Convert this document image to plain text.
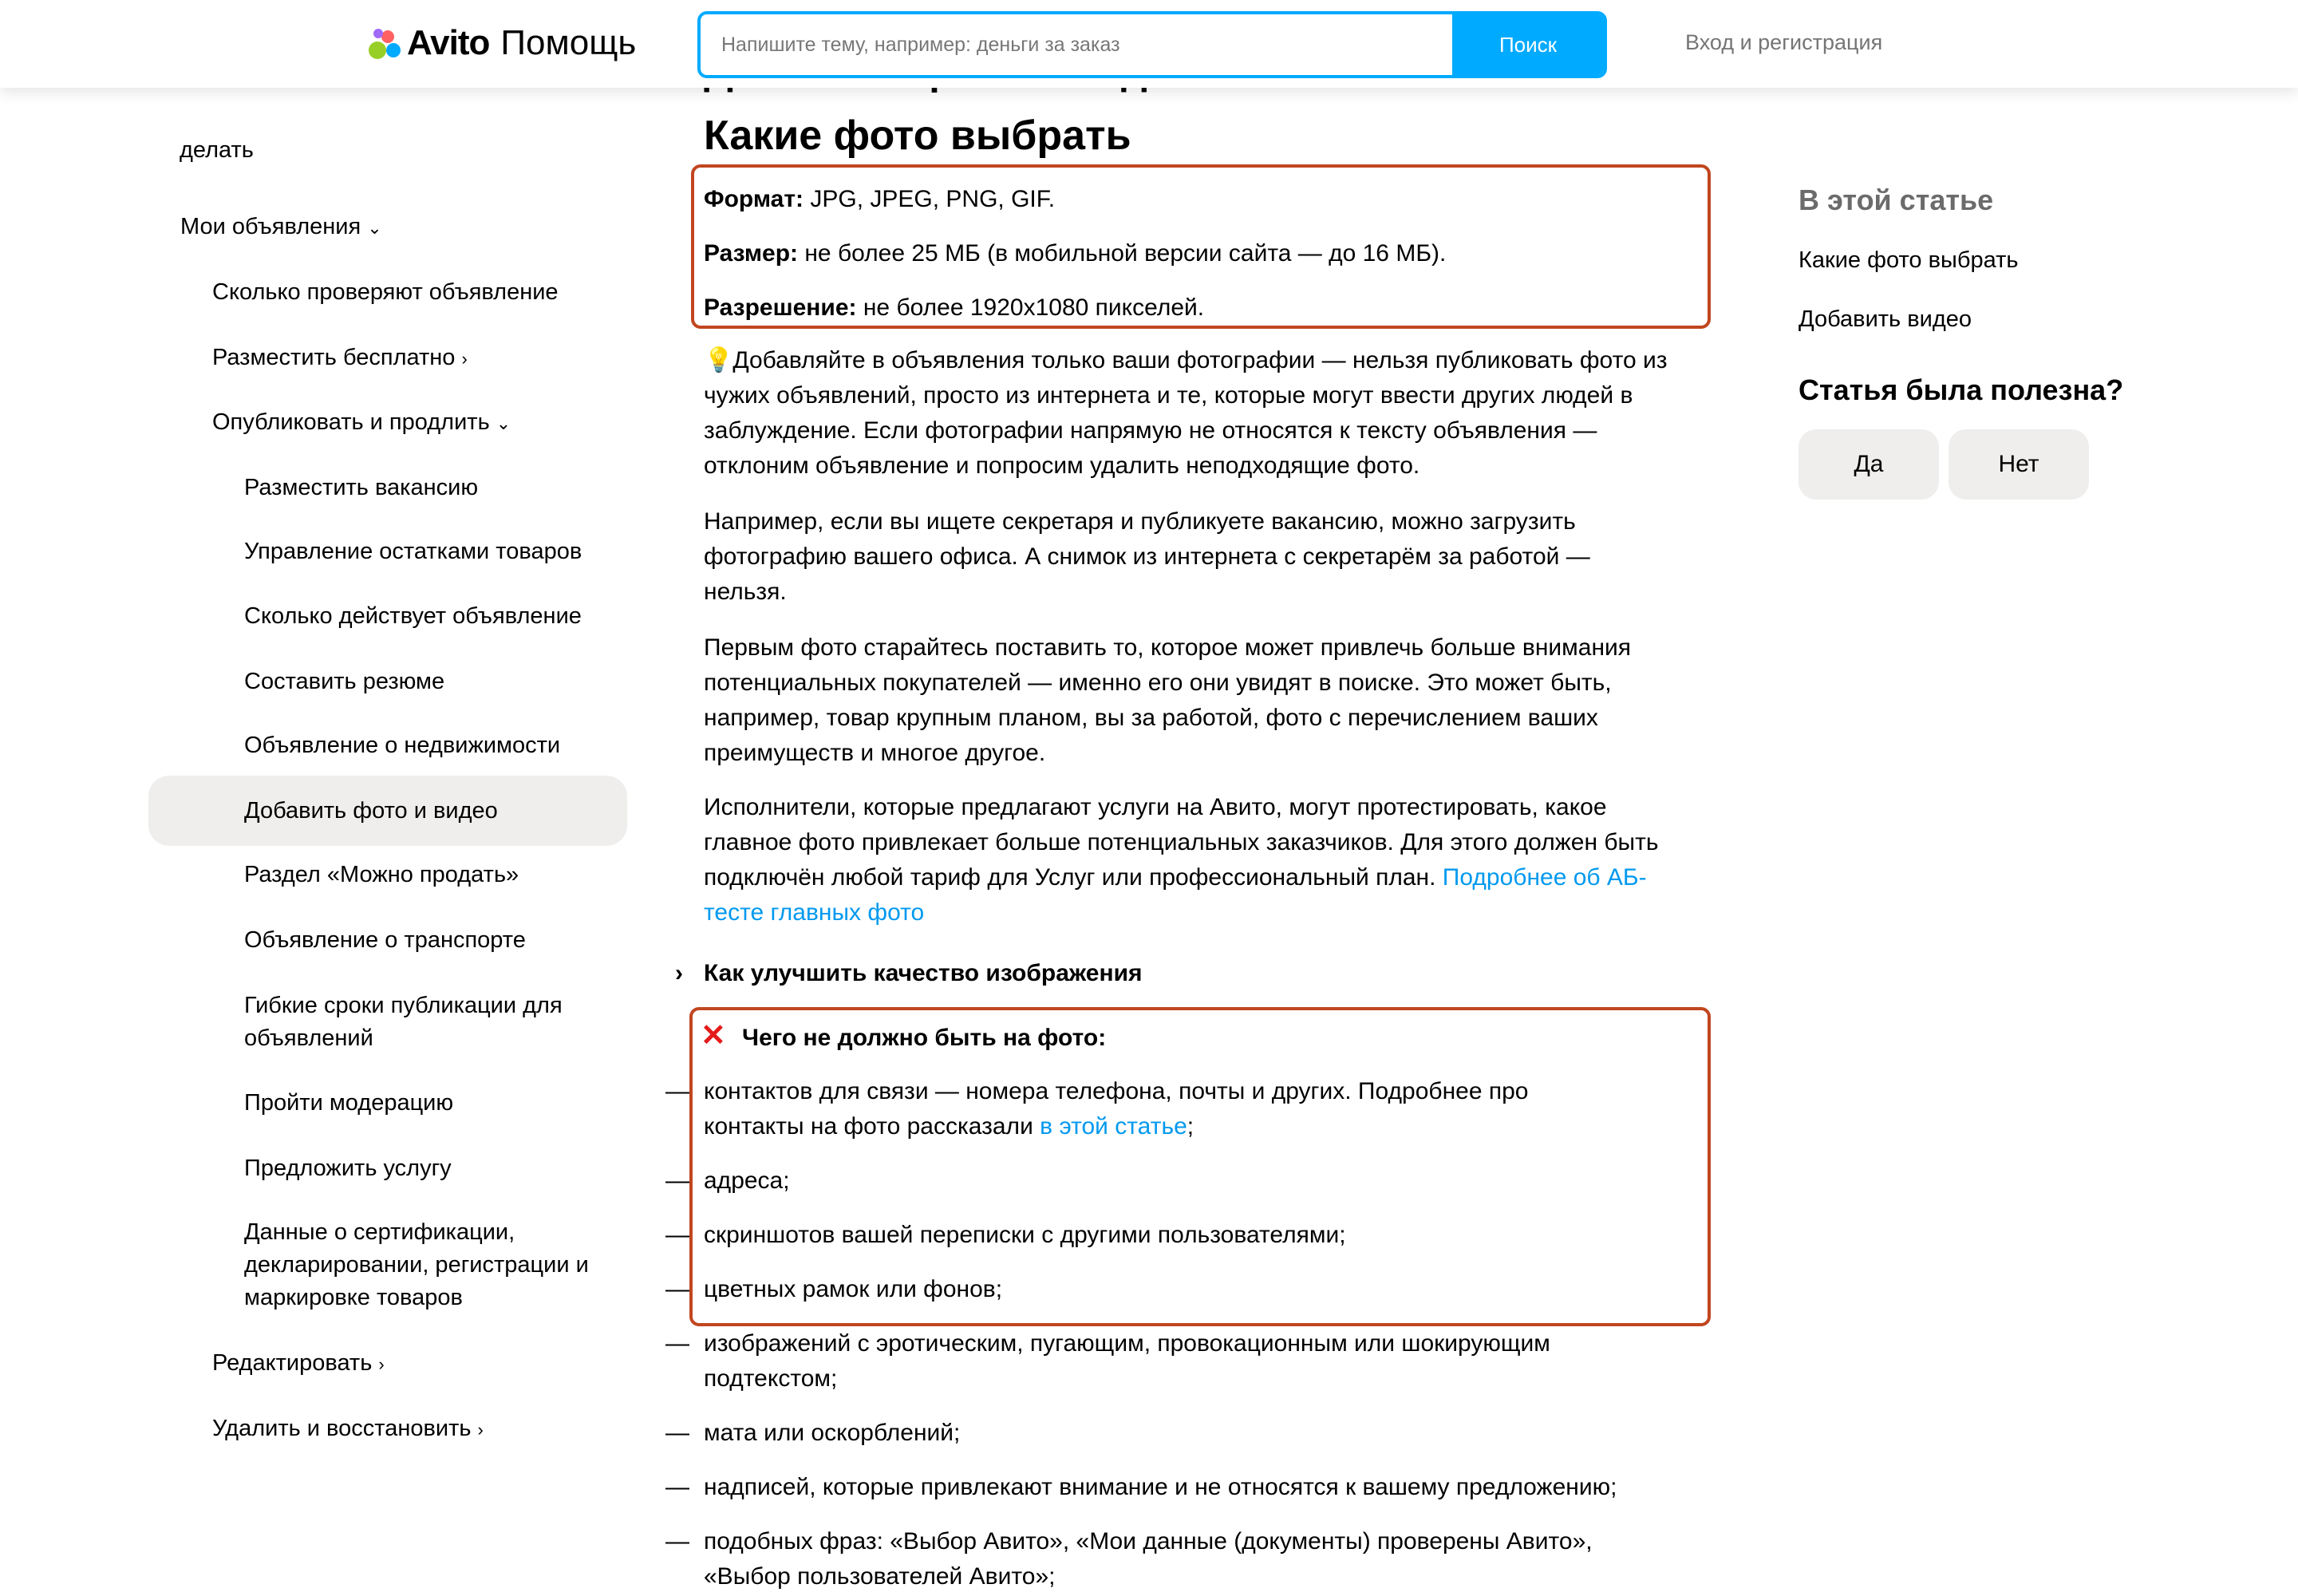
делать
Мои объявления ⌄
Сколько проверяют объявление
Разместить бесплатно ›
Опубликовать и продлить ⌄
Разместить вакансию
Управление остатками товаров
Сколько действует объявление
Составить резюме
Объявление о недвижимости
Добавить фото и видео
Раздел «Можно продать»
Объявление о транспорте
Гибкие сроки публикации для объявлений
Пройти модерацию
Предложить услугу
Данные о сертификации, декларировании, регистрации и маркировке товаров
Редактировать ›
Удалить и восстановить ›
Какие фото выбрать
Формат: JPG, JPEG, PNG, GIF.
Размер: не более 25 МБ (в мобильной версии сайта — до 16 МБ).
Разрешение: не более 1920x1080 пикселей.
💡 Добавляйте в объявления только ваши фотографии — нельзя публиковать фото из чужих объявлений, просто из интернета и те, которые могут ввести других людей в заблуждение. Если фотографии напрямую не относятся к тексту объявления — отклоним объявление и попросим удалить неподходящие фото.
Например, если вы ищете секретаря и публикуете вакансию, можно загрузить фотографию вашего офиса. А снимок из интернета с секретарём за работой — нельзя.
Первым фото старайтесь поставить то, которое может привлечь больше внимания потенциальных покупателей — именно его они увидят в поиске. Это может быть, например, товар крупным планом, вы за работой, фото с перечислением ваших преимуществ и многое другое.
Исполнители, которые предлагают услуги на Авито, могут протестировать, какое главное фото привлекает больше потенциальных заказчиков. Для этого должен быть подключён любой тариф для Услуг или профессиональный план. Подробнее об АБ-тесте главных фото
› Как улучшить качество изображения
✕ Чего не должно быть на фото:
— контактов для связи — номера телефона, почты и других. Подробнее про контакты на фото рассказали в этой статье;
— адреса;
— скриншотов вашей переписки с другими пользователями;
— цветных рамок или фонов;
— изображений с эротическим, пугающим, провокационным или шокирующим подтекстом;
— мата или оскорблений;
— надписей, которые привлекают внимание и не относятся к вашему предложению;
— подобных фраз: «Выбор Авито», «Мои данные (документы) проверены Авито», «Выбор пользователей Авито»;
В этой статье
Какие фото выбрать
Добавить видео
Статья была полезна?
Да	Нет
Avito Помощь
Напишите тему, например: деньги за заказ	Поиск	Вход и регистрация
